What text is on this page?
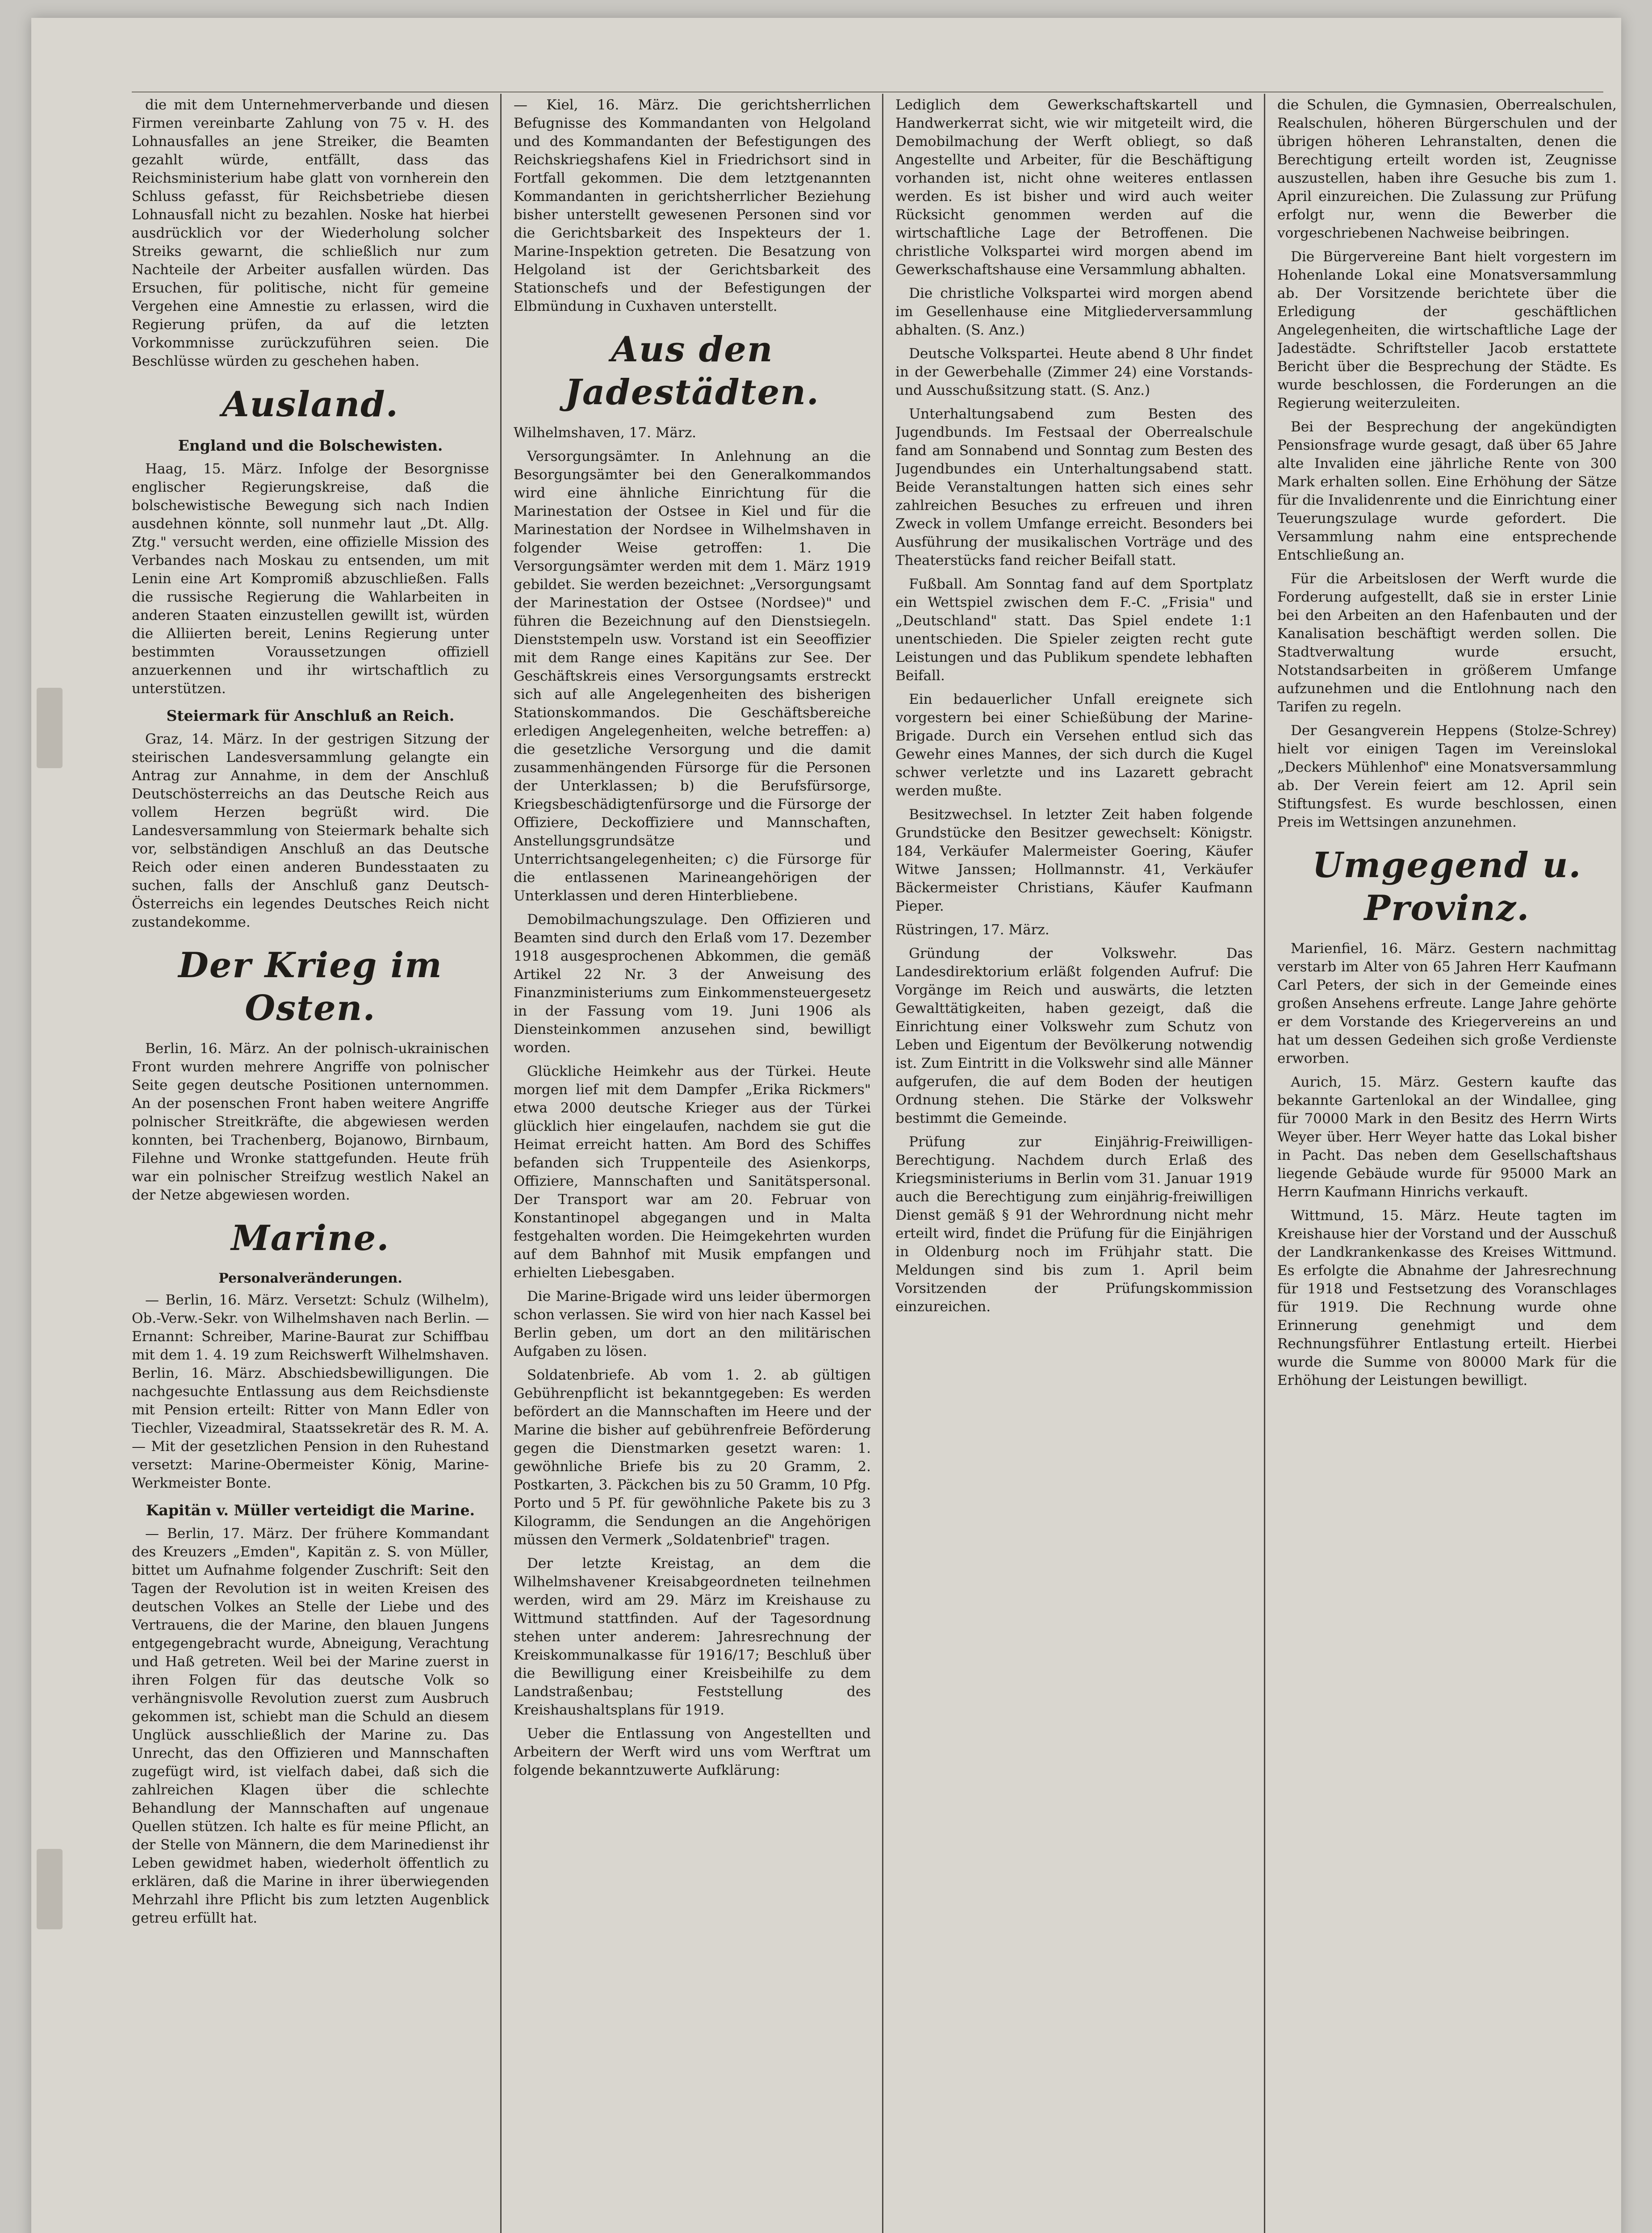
die mit dem Unternehmerverbande und diesen Firmen vereinbarte Zahlung von 75 v. H. des Lohnausfalles an jene Streiker, die Beamten gezahlt würde, entfällt, dass das Reichsministerium habe glatt von vornherein den Schluss gefasst, für Reichsbetriebe diesen Lohnausfall nicht zu bezahlen. Noske hat hierbei ausdrücklich vor der Wiederholung solcher Streiks gewarnt, die schließlich nur zum Nachteile der Arbeiter ausfallen würden. Das Ersuchen, für politische, nicht für gemeine Vergehen eine Amnestie zu erlassen, wird die Regierung prüfen, da auf die letzten Vorkommnisse zurückzuführen seien. Die Beschlüsse würden zu geschehen haben.

Ausland.
England und die Bolschewisten.

Haag, 15. März. Infolge der Besorgnisse englischer Regierungskreise, daß die bolschewistische Bewegung sich nach Indien ausdehnen könnte, soll nunmehr laut „Dt. Allg. Ztg." versucht werden, eine offizielle Mission des Verbandes nach Moskau zu entsenden, um mit Lenin eine Art Kompromiß abzuschließen. Falls die russische Regierung die Wahlarbeiten in anderen Staaten einzustellen gewillt ist, würden die Alliierten bereit, Lenins Regierung unter bestimmten Voraussetzungen offiziell anzuerkennen und ihr wirtschaftlich zu unterstützen.

Steiermark für Anschluß an Reich.

Graz, 14. März. In der gestrigen Sitzung der steirischen Landesversammlung gelangte ein Antrag zur Annahme, in dem der Anschluß Deutschösterreichs an das Deutsche Reich aus vollem Herzen begrüßt wird. Die Landesversammlung von Steiermark behalte sich vor, selbständigen Anschluß an das Deutsche Reich oder einen anderen Bundesstaaten zu suchen, falls der Anschluß ganz Deutsch-Österreichs ein legendes Deutsches Reich nicht zustandekomme.

Der Krieg im Osten.

Berlin, 16. März. An der polnisch-ukrainischen Front wurden mehrere Angriffe von polnischer Seite gegen deutsche Positionen unternommen. An der posenschen Front haben weitere Angriffe polnischer Streitkräfte, die abgewiesen werden konnten, bei Trachenberg, Bojanowo, Birnbaum, Filehne und Wronke stattgefunden. Heute früh war ein polnischer Streifzug westlich Nakel an der Netze abgewiesen worden.

Marine.
Personalveränderungen.

— Berlin, 16. März. Versetzt: Schulz (Wilhelm), Ob.-Verw.-Sekr. von Wilhelmshaven nach Berlin. — Ernannt: Schreiber, Marine-Baurat zur Schiffbau mit dem 1. 4. 19 zum Reichswerft Wilhelmshaven. Berlin, 16. März. Abschiedsbewilligungen. Die nachgesuchte Entlassung aus dem Reichsdienste mit Pension erteilt: Ritter von Mann Edler von Tiechler, Vizeadmiral, Staatssekretär des R. M. A. — Mit der gesetzlichen Pension in den Ruhestand versetzt: Marine-Obermeister König, Marine-Werkmeister Bonte.

Kapitän v. Müller verteidigt die Marine.

— Berlin, 17. März. Der frühere Kommandant des Kreuzers „Emden", Kapitän z. S. von Müller, bittet um Aufnahme folgender Zuschrift: Seit den Tagen der Revolution ist in weiten Kreisen des deutschen Volkes an Stelle der Liebe und des Vertrauens, die der Marine, den blauen Jungens entgegengebracht wurde, Abneigung, Verachtung und Haß getreten. Weil bei der Marine zuerst in ihren Folgen für das deutsche Volk so verhängnisvolle Revolution zuerst zum Ausbruch gekommen ist, schiebt man die Schuld an diesem Unglück ausschließlich der Marine zu. Das Unrecht, das den Offizieren und Mannschaften zugefügt wird, ist vielfach dabei, daß sich die zahlreichen Klagen über die schlechte Behandlung der Mannschaften auf ungenaue Quellen stützen. Ich halte es für meine Pflicht, an der Stelle von Männern, die dem Marinedienst ihr Leben gewidmet haben, wiederholt öffentlich zu erklären, daß die Marine in ihrer überwiegenden Mehrzahl ihre Pflicht bis zum letzten Augenblick getreu erfüllt hat.

— Kiel, 16. März. Die gerichtsherrlichen Befugnisse des Kommandanten von Helgoland und des Kommandanten der Befestigungen des Reichskriegshafens Kiel in Friedrichsort sind in Fortfall gekommen. Die dem letztgenannten Kommandanten in gerichtsherrlicher Beziehung bisher unterstellt gewesenen Personen sind vor die Gerichtsbarkeit des Inspekteurs der 1. Marine-Inspektion getreten. Die Besatzung von Helgoland ist der Gerichtsbarkeit des Stationschefs und der Befestigungen der Elbmündung in Cuxhaven unterstellt.

Aus den Jadestädten.

Wilhelmshaven, 17. März.

Versorgungsämter. In Anlehnung an die Besorgungsämter bei den Generalkommandos wird eine ähnliche Einrichtung für die Marinestation der Ostsee in Kiel und für die Marinestation der Nordsee in Wilhelmshaven in folgender Weise getroffen: 1. Die Versorgungsämter werden mit dem 1. März 1919 gebildet. Sie werden bezeichnet: „Versorgungsamt der Marinestation der Ostsee (Nordsee)" und führen die Bezeichnung auf den Dienstsiegeln. Dienststempeln usw. Vorstand ist ein Seeoffizier mit dem Range eines Kapitäns zur See. Der Geschäftskreis eines Versorgungsamts erstreckt sich auf alle Angelegenheiten des bisherigen Stationskommandos. Die Geschäftsbereiche erledigen Angelegenheiten, welche betreffen: a) die gesetzliche Versorgung und die damit zusammenhängenden Fürsorge für die Personen der Unterklassen; b) die Berufsfürsorge, Kriegsbeschädigtenfürsorge und die Fürsorge der Offiziere, Deckoffiziere und Mannschaften, Anstellungsgrundsätze und Unterrichtsangelegenheiten; c) die Fürsorge für die entlassenen Marineangehörigen der Unterklassen und deren Hinterbliebene.

Demobilmachungszulage. Den Offizieren und Beamten sind durch den Erlaß vom 17. Dezember 1918 ausgesprochenen Abkommen, die gemäß Artikel 22 Nr. 3 der Anweisung des Finanzministeriums zum Einkommensteuergesetz in der Fassung vom 19. Juni 1906 als Diensteinkommen anzusehen sind, bewilligt worden.

Glückliche Heimkehr aus der Türkei. Heute morgen lief mit dem Dampfer „Erika Rickmers" etwa 2000 deutsche Krieger aus der Türkei glücklich hier eingelaufen, nachdem sie gut die Heimat erreicht hatten. Am Bord des Schiffes befanden sich Truppenteile des Asienkorps, Offiziere, Mannschaften und Sanitätspersonal. Der Transport war am 20. Februar von Konstantinopel abgegangen und in Malta festgehalten worden. Die Heimgekehrten wurden auf dem Bahnhof mit Musik empfangen und erhielten Liebesgaben.

Die Marine-Brigade wird uns leider übermorgen schon verlassen. Sie wird von hier nach Kassel bei Berlin geben, um dort an den militärischen Aufgaben zu lösen.

Soldatenbriefe. Ab vom 1. 2. ab gültigen Gebührenpflicht ist bekanntgegeben: Es werden befördert an die Mannschaften im Heere und der Marine die bisher auf gebührenfreie Beförderung gegen die Dienstmarken gesetzt waren: 1. gewöhnliche Briefe bis zu 20 Gramm, 2. Postkarten, 3. Päckchen bis zu 50 Gramm, 10 Pfg. Porto und 5 Pf. für gewöhnliche Pakete bis zu 3 Kilogramm, die Sendungen an die Angehörigen müssen den Vermerk „Soldatenbrief" tragen.

Der letzte Kreistag, an dem die Wilhelmshavener Kreisabgeordneten teilnehmen werden, wird am 29. März im Kreishause zu Wittmund stattfinden. Auf der Tagesordnung stehen unter anderem: Jahresrechnung der Kreiskommunalkasse für 1916/17; Beschluß über die Bewilligung einer Kreisbeihilfe zu dem Landstraßenbau; Feststellung des Kreishaushaltsplans für 1919.

Ueber die Entlassung von Angestellten und Arbeitern der Werft wird uns vom Werftrat um folgende bekanntzuwerte Aufklärung:

Lediglich dem Gewerkschaftskartell und Handwerkerrat sicht, wie wir mitgeteilt wird, die Demobilmachung der Werft obliegt, so daß Angestellte und Arbeiter, für die Beschäftigung vorhanden ist, nicht ohne weiteres entlassen werden. Es ist bisher und wird auch weiter Rücksicht genommen werden auf die wirtschaftliche Lage der Betroffenen. Die christliche Volkspartei wird morgen abend im Gewerkschaftshause eine Versammlung abhalten.

Die christliche Volkspartei wird morgen abend im Gesellenhause eine Mitgliederversammlung abhalten. (S. Anz.)

Deutsche Volkspartei. Heute abend 8 Uhr findet in der Gewerbehalle (Zimmer 24) eine Vorstands- und Ausschußsitzung statt. (S. Anz.)

Unterhaltungsabend zum Besten des Jugendbunds. Im Festsaal der Oberrealschule fand am Sonnabend und Sonntag zum Besten des Jugendbundes ein Unterhaltungsabend statt. Beide Veranstaltungen hatten sich eines sehr zahlreichen Besuches zu erfreuen und ihren Zweck in vollem Umfange erreicht. Besonders bei Ausführung der musikalischen Vorträge und des Theaterstücks fand reicher Beifall statt.

Fußball. Am Sonntag fand auf dem Sportplatz ein Wettspiel zwischen dem F.-C. „Frisia" und „Deutschland" statt. Das Spiel endete 1:1 unentschieden. Die Spieler zeigten recht gute Leistungen und das Publikum spendete lebhaften Beifall.

Ein bedauerlicher Unfall ereignete sich vorgestern bei einer Schießübung der Marine-Brigade. Durch ein Versehen entlud sich das Gewehr eines Mannes, der sich durch die Kugel schwer verletzte und ins Lazarett gebracht werden mußte.

Besitzwechsel. In letzter Zeit haben folgende Grundstücke den Besitzer gewechselt: Königstr. 184, Verkäufer Malermeister Goering, Käufer Witwe Janssen; Hollmannstr. 41, Verkäufer Bäckermeister Christians, Käufer Kaufmann Pieper.

Rüstringen, 17. März.

Gründung der Volkswehr. Das Landesdirektorium erläßt folgenden Aufruf: Die Vorgänge im Reich und auswärts, die letzten Gewalttätigkeiten, haben gezeigt, daß die Einrichtung einer Volkswehr zum Schutz von Leben und Eigentum der Bevölkerung notwendig ist. Zum Eintritt in die Volkswehr sind alle Männer aufgerufen, die auf dem Boden der heutigen Ordnung stehen. Die Stärke der Volkswehr bestimmt die Gemeinde.

Prüfung zur Einjährig-Freiwilligen-Berechtigung. Nachdem durch Erlaß des Kriegsministeriums in Berlin vom 31. Januar 1919 auch die Berechtigung zum einjährig-freiwilligen Dienst gemäß § 91 der Wehrordnung nicht mehr erteilt wird, findet die Prüfung für die Einjährigen in Oldenburg noch im Frühjahr statt. Die Meldungen sind bis zum 1. April beim Vorsitzenden der Prüfungskommission einzureichen.

die Schulen, die Gymnasien, Oberrealschulen, Realschulen, höheren Bürgerschulen und der übrigen höheren Lehranstalten, denen die Berechtigung erteilt worden ist, Zeugnisse auszustellen, haben ihre Gesuche bis zum 1. April einzureichen. Die Zulassung zur Prüfung erfolgt nur, wenn die Bewerber die vorgeschriebenen Nachweise beibringen.

Die Bürgervereine Bant hielt vorgestern im Hohenlande Lokal eine Monatsversammlung ab. Der Vorsitzende berichtete über die Erledigung der geschäftlichen Angelegenheiten, die wirtschaftliche Lage der Jadestädte. Schriftsteller Jacob erstattete Bericht über die Besprechung der Städte. Es wurde beschlossen, die Forderungen an die Regierung weiterzuleiten.

Bei der Besprechung der angekündigten Pensionsfrage wurde gesagt, daß über 65 Jahre alte Invaliden eine jährliche Rente von 300 Mark erhalten sollen. Eine Erhöhung der Sätze für die Invalidenrente und die Einrichtung einer Teuerungszulage wurde gefordert. Die Versammlung nahm eine entsprechende Entschließung an.

Für die Arbeitslosen der Werft wurde die Forderung aufgestellt, daß sie in erster Linie bei den Arbeiten an den Hafenbauten und der Kanalisation beschäftigt werden sollen. Die Stadtverwaltung wurde ersucht, Notstandsarbeiten in größerem Umfange aufzunehmen und die Entlohnung nach den Tarifen zu regeln.

Der Gesangverein Heppens (Stolze-Schrey) hielt vor einigen Tagen im Vereinslokal „Deckers Mühlenhof" eine Monatsversammlung ab. Der Verein feiert am 12. April sein Stiftungsfest. Es wurde beschlossen, einen Preis im Wettsingen anzunehmen.

Umgegend u. Provinz.

Marienfiel, 16. März. Gestern nachmittag verstarb im Alter von 65 Jahren Herr Kaufmann Carl Peters, der sich in der Gemeinde eines großen Ansehens erfreute. Lange Jahre gehörte er dem Vorstande des Kriegervereins an und hat um dessen Gedeihen sich große Verdienste erworben.

Aurich, 15. März. Gestern kaufte das bekannte Gartenlokal an der Windallee, ging für 70000 Mark in den Besitz des Herrn Wirts Weyer über. Herr Weyer hatte das Lokal bisher in Pacht. Das neben dem Gesellschaftshaus liegende Gebäude wurde für 95000 Mark an Herrn Kaufmann Hinrichs verkauft.

Wittmund, 15. März. Heute tagten im Kreishause hier der Vorstand und der Ausschuß der Landkrankenkasse des Kreises Wittmund. Es erfolgte die Abnahme der Jahresrechnung für 1918 und Festsetzung des Voranschlages für 1919. Die Rechnung wurde ohne Erinnerung genehmigt und dem Rechnungsführer Entlastung erteilt. Hierbei wurde die Summe von 80000 Mark für die Erhöhung der Leistungen bewilligt.
